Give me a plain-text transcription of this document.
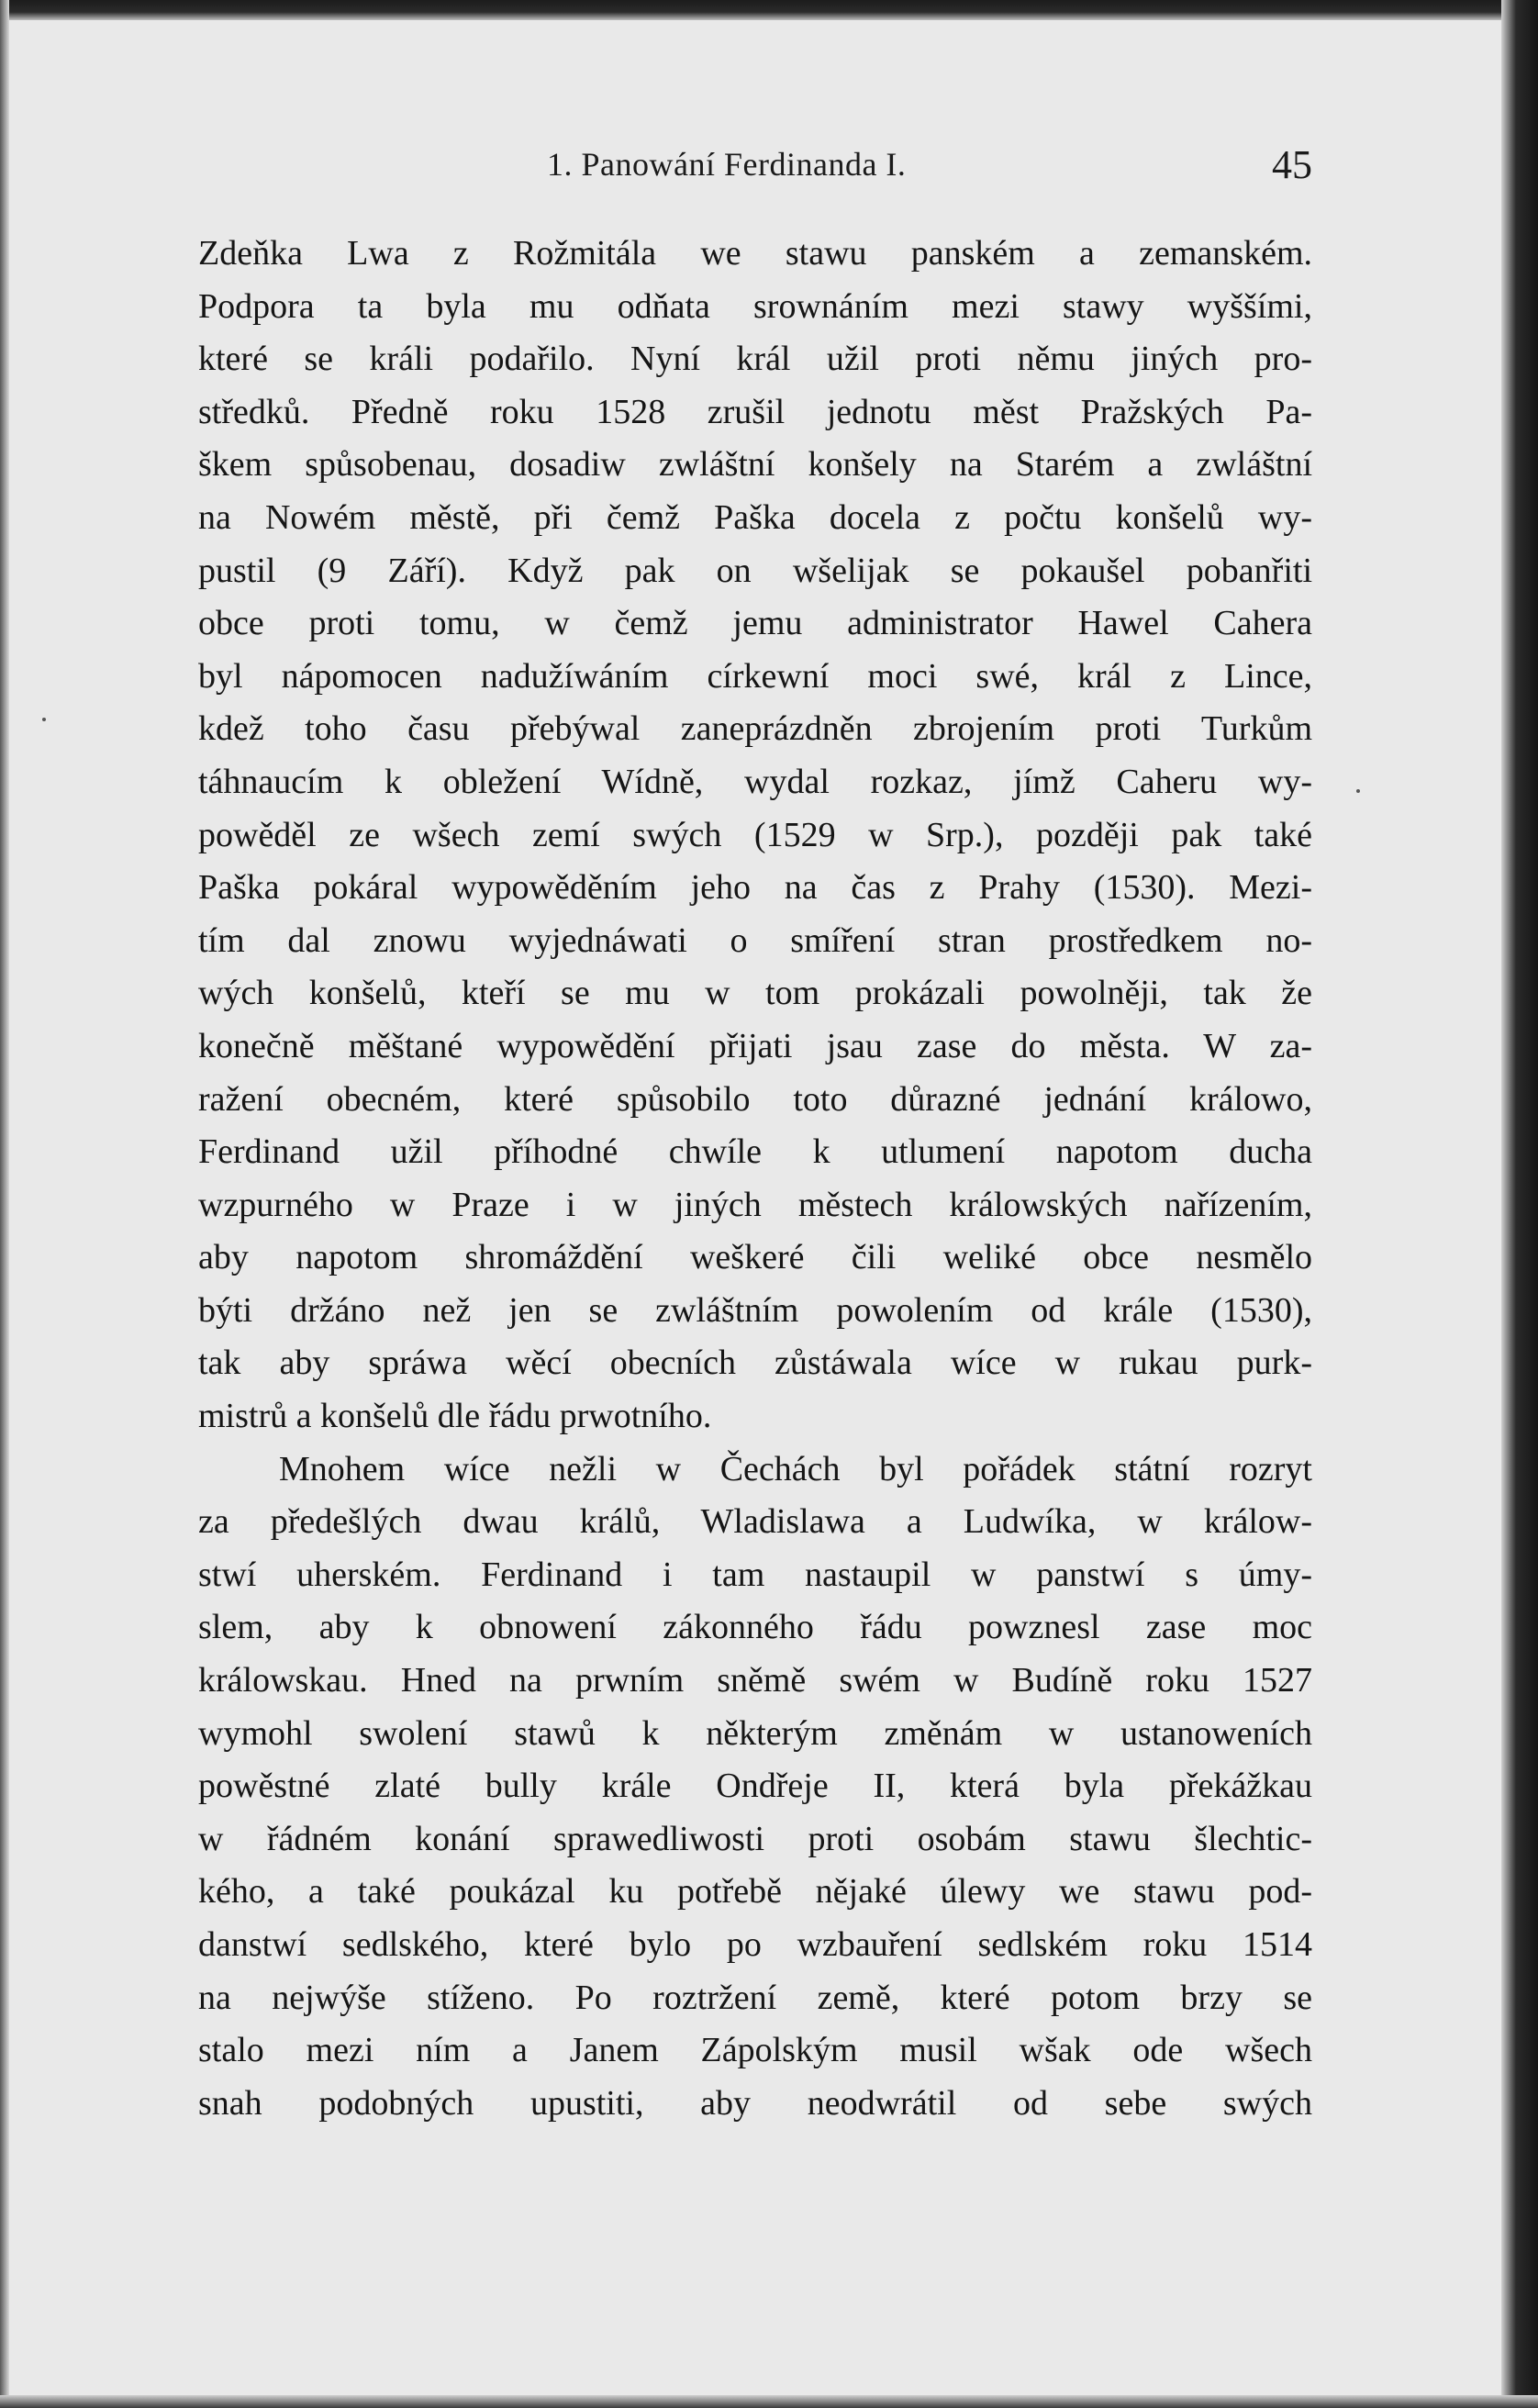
1. Panowání Ferdinanda I.	45
Zdeňka Lwa z Rožmitála we stawu panském a zemanském.
Podpora ta byla mu odňata srownáním mezi stawy wyššími,
které se králi podařilo. Nyní král užil proti němu jiných pro-
středků. Předně roku 1528 zrušil jednotu měst Pražských Pa-
škem spůsobenau, dosadiw zwláštní konšely na Starém a zwláštní
na Nowém městě, při čemž Paška docela z počtu konšelů wy-
pustil (9 Září). Když pak on wšelijak se pokaušel pobanřiti
obce proti tomu, w čemž jemu administrator Hawel Cahera
byl nápomocen nadužíwáním církewní moci swé, král z Lince,
kdež toho času přebýwal zaneprázdněn zbrojením proti Turkům
táhnaucím k obležení Wídně, wydal rozkaz, jímž Caheru wy-
powěděl ze wšech zemí swých (1529 w Srp.), později pak také
Paška pokáral wypowěděním jeho na čas z Prahy (1530). Mezi-
tím dal znowu wyjednáwati o smíření stran prostředkem no-
wých konšelů, kteří se mu w tom prokázali powolněji, tak že
konečně měštané wypowědění přijati jsau zase do města. W za-
ražení obecném, které spůsobilo toto důrazné jednání králowo,
Ferdinand užil příhodné chwíle k utlumení napotom ducha
wzpurného w Praze i w jiných městech králowských nařízením,
aby napotom shromáždění weškeré čili weliké obce nesmělo
býti držáno než jen se zwláštním powolením od krále (1530),
tak aby spráwa wěcí obecních zůstáwala wíce w rukau purk-
mistrů a konšelů dle řádu prwotního.
Mnohem wíce nežli w Čechách byl pořádek státní rozryt
za předešlých dwau králů, Wladislawa a Ludwíka, w králow-
stwí uherském. Ferdinand i tam nastaupil w panstwí s úmy-
slem, aby k obnowení zákonného řádu powznesl zase moc
králowskau. Hned na prwním sněmě swém w Budíně roku 1527
wymohl swolení stawů k některým změnám w ustanoweních
powěstné zlaté bully krále Ondřeje II, která byla překážkau
w řádném konání sprawedliwosti proti osobám stawu šlechtic-
kého, a také poukázal ku potřebě nějaké úlewy we stawu pod-
danstwí sedlského, které bylo po wzbauření sedlském roku 1514
na nejwýše stíženo. Po roztržení země, které potom brzy se
stalo mezi ním a Janem Zápolským musil wšak ode wšech
snah podobných upustiti, aby neodwrátil od sebe swých
